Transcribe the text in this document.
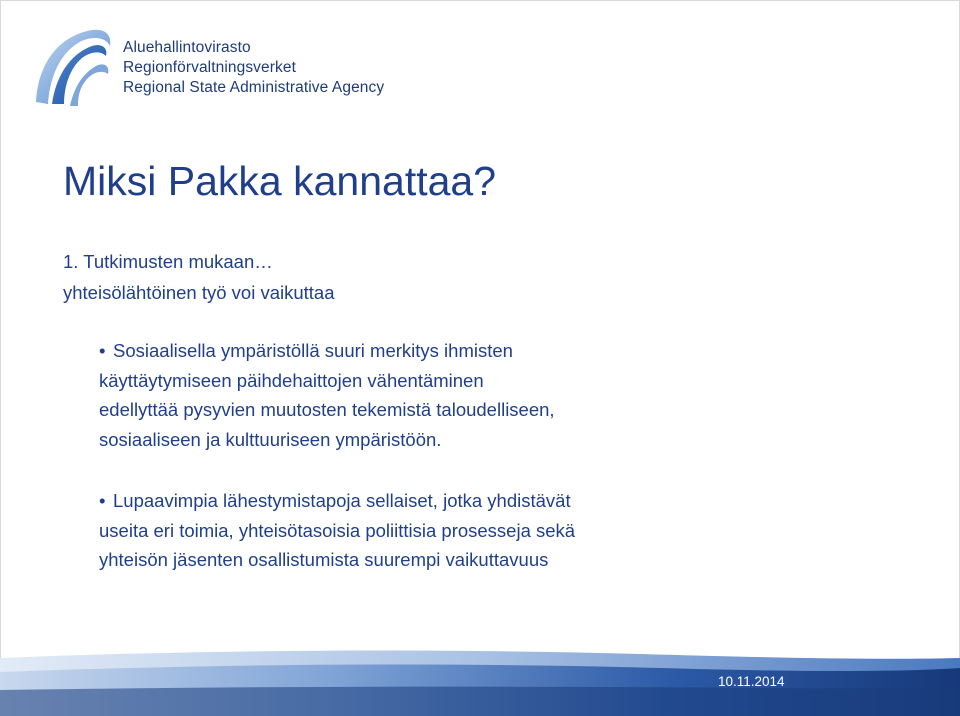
Aluehallintovirasto
Regionförvaltningsverket
Regional State Administrative Agency
Miksi Pakka kannattaa?
1. Tutkimusten mukaan…
yhteisölähtöinen työ voi vaikuttaa
• Sosiaalisella ympäristöllä suuri merkitys ihmisten
käyttäytymiseen päihdehaittojen vähentäminen
edellyttää pysyvien muutosten tekemistä taloudelliseen,
sosiaaliseen ja kulttuuriseen ympäristöön.
• Lupaavimpia lähestymistapoja sellaiset, jotka yhdistävät
useita eri toimia, yhteisötasoisia poliittisia prosesseja sekä
yhteisön jäsenten osallistumista suurempi vaikuttavuus
10.11.2014
